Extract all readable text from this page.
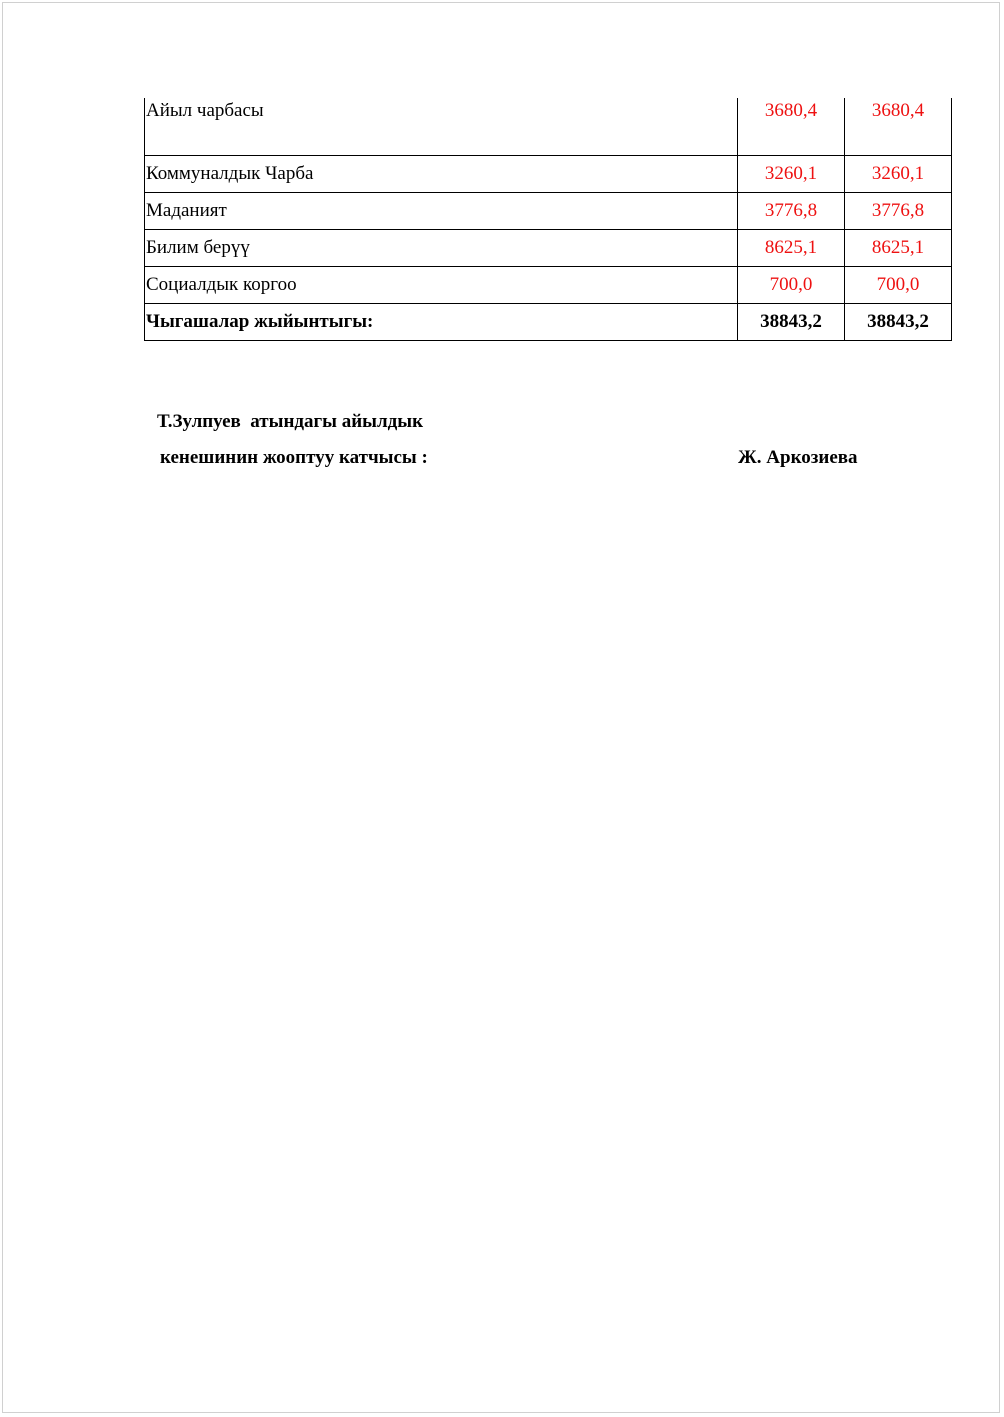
Айыл чарбасы	3680,4	3680,4
Коммуналдык Чарба	3260,1	3260,1
Маданият	3776,8	3776,8
Билим берүү	8625,1	8625,1
Социалдык коргоо	700,0	700,0
Чыгашалар жыйынтыгы:	38843,2	38843,2
Т.Зулпуев  атындагы айылдык
кенешинин жооптуу катчысы :	Ж. Аркозиева
